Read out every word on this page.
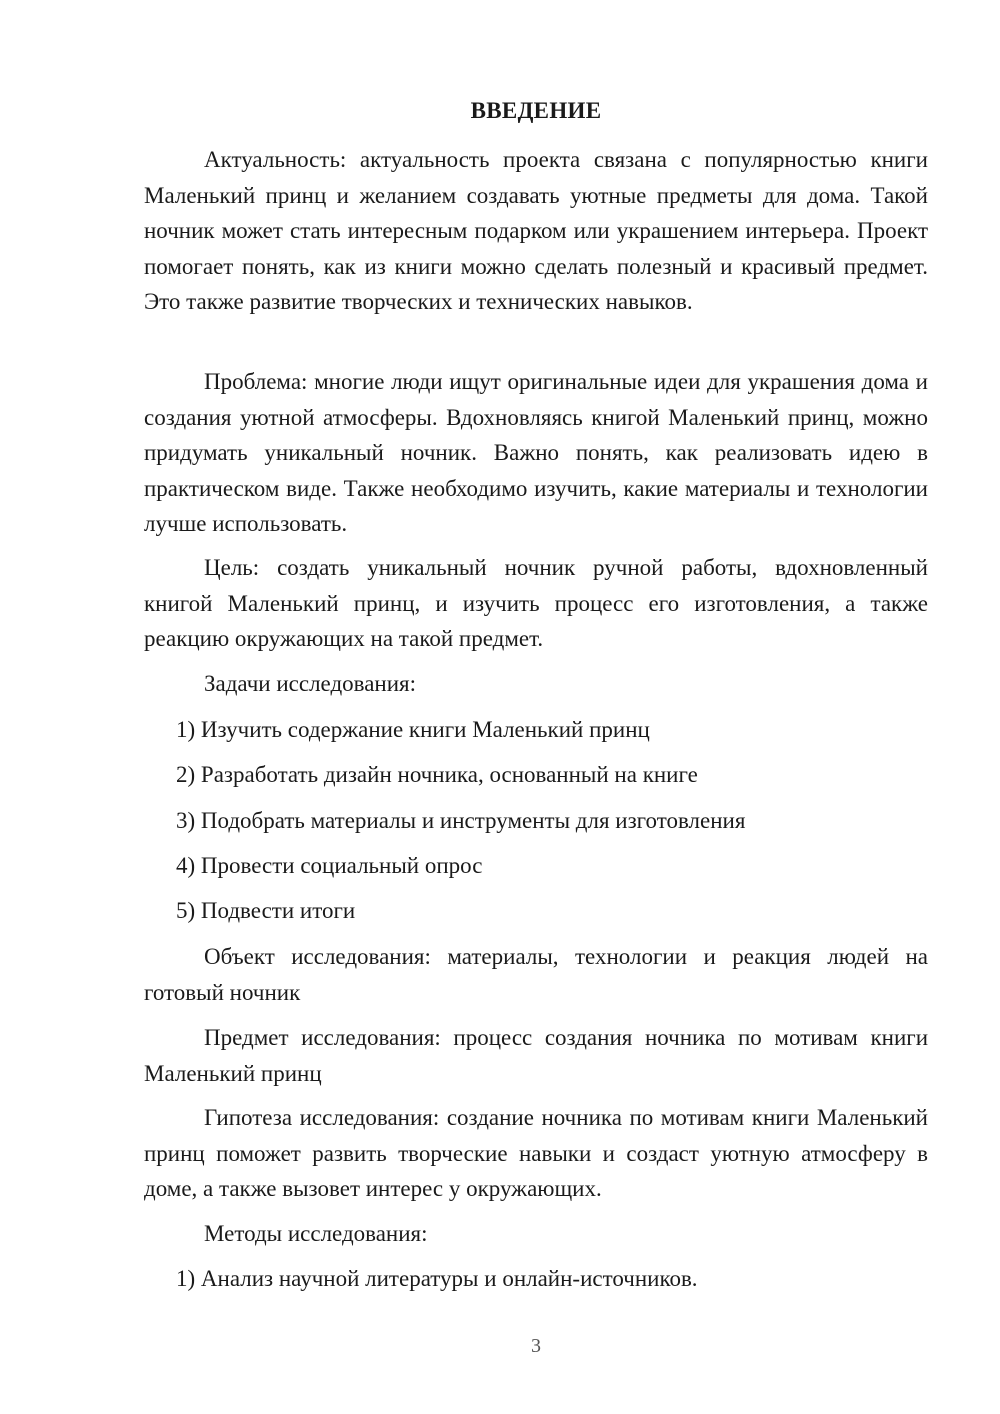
ВВЕДЕНИЕ

Актуальность: актуальность проекта связана с популярностью книги Маленький принц и желанием создавать уютные предметы для дома. Такой ночник может стать интересным подарком или украшением интерьера. Проект помогает понять, как из книги можно сделать полезный и красивый предмет. Это также развитие творческих и технических навыков.

Проблема: многие люди ищут оригинальные идеи для украшения дома и создания уютной атмосферы. Вдохновляясь книгой Маленький принц, можно придумать уникальный ночник. Важно понять, как реализовать идею в практическом виде. Также необходимо изучить, какие материалы и технологии лучше использовать.

Цель: создать уникальный ночник ручной работы, вдохновленный книгой Маленький принц, и изучить процесс его изготовления, а также реакцию окружающих на такой предмет.

Задачи исследования:

1) Изучить содержание книги Маленький принц

2) Разработать дизайн ночника, основанный на книге

3) Подобрать материалы и инструменты для изготовления

4) Провести социальный опрос

5) Подвести итоги

Объект исследования: материалы, технологии и реакция людей на готовый ночник

Предмет исследования: процесс создания ночника по мотивам книги Маленький принц

Гипотеза исследования: создание ночника по мотивам книги Маленький принц поможет развить творческие навыки и создаст уютную атмосферу в доме, а также вызовет интерес у окружающих.

Методы исследования:

1) Анализ научной литературы и онлайн-источников.

3
